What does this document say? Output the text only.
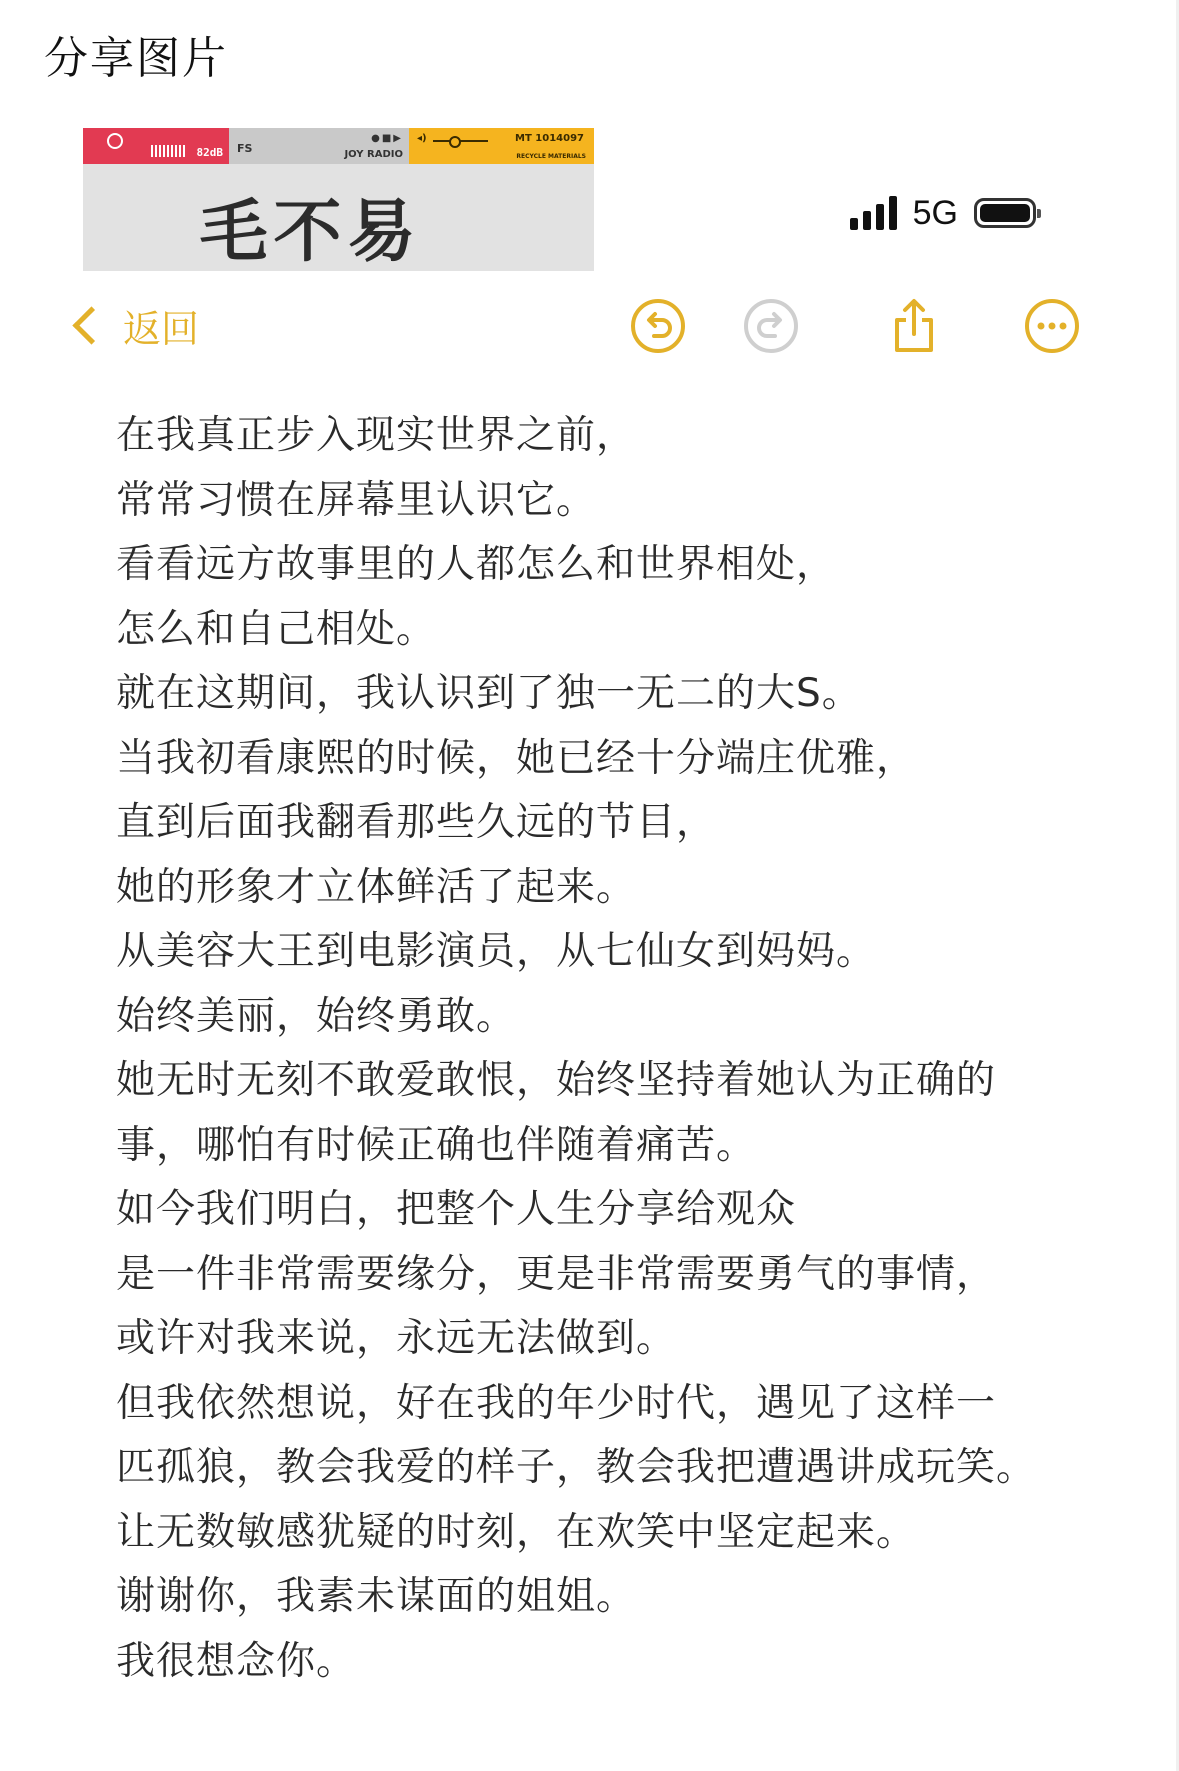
分享图片
82dB FS
●■▶
JOY RADIO
◂)	MT 1014097
RECYCLE MATERIALS
毛不易	5G
返回

在我真正步入现实世界之前，

常常习惯在屏幕里认识它。

看看远方故事里的人都怎么和世界相处，

怎么和自己相处。

就在这期间，我认识到了独一无二的大S。

当我初看康熙的时候，她已经十分端庄优雅，

直到后面我翻看那些久远的节目，

她的形象才立体鲜活了起来。

从美容大王到电影演员，从七仙女到妈妈。

始终美丽，始终勇敢。

她无时无刻不敢爱敢恨，始终坚持着她认为正确的

事，哪怕有时候正确也伴随着痛苦。

如今我们明白，把整个人生分享给观众

是一件非常需要缘分，更是非常需要勇气的事情，

或许对我来说，永远无法做到。

但我依然想说，好在我的年少时代，遇见了这样一

匹孤狼，教会我爱的样子，教会我把遭遇讲成玩笑。

让无数敏感犹疑的时刻，在欢笑中坚定起来。

谢谢你，我素未谋面的姐姐。

我很想念你。
